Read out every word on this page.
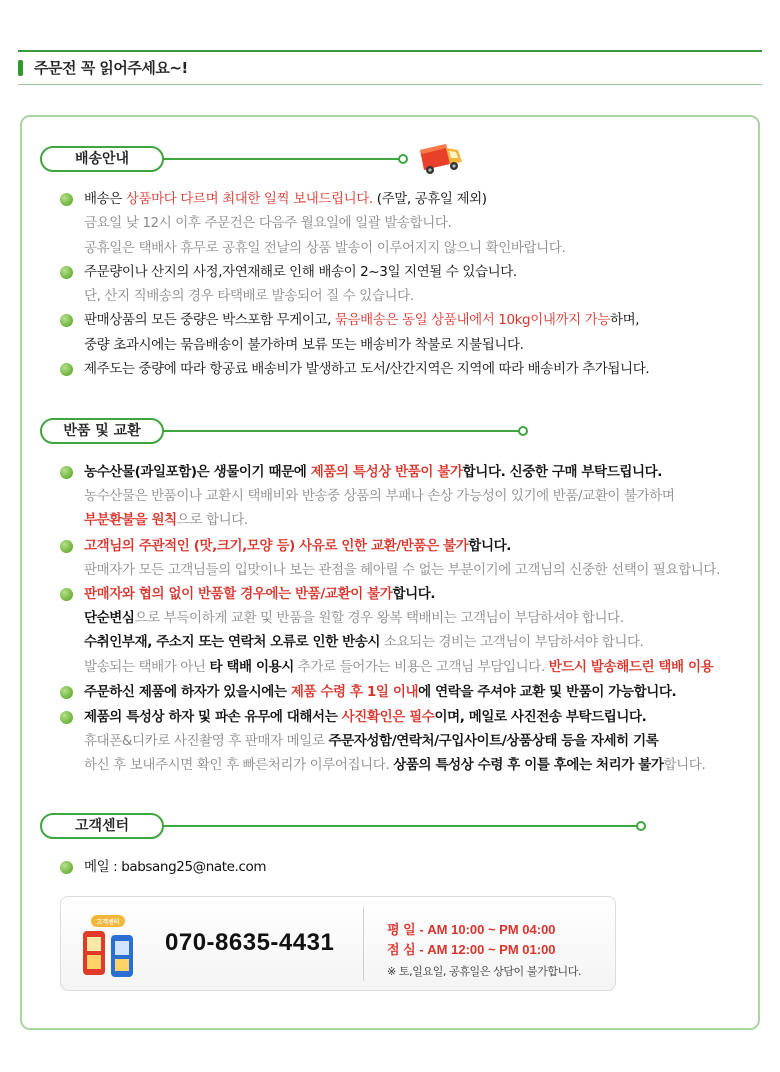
주문전 꼭 읽어주세요~!
배송안내
배송은 상품마다 다르며 최대한 일찍 보내드립니다. (주말, 공휴일 제외)
금요일 낮 12시 이후 주문건은 다음주 월요일에 일괄 발송합니다.
공휴일은 택배사 휴무로 공휴일 전날의 상품 발송이 이루어지지 않으니 확인바랍니다.
주문량이나 산지의 사정,자연재해로 인해 배송이 2~3일 지연될 수 있습니다.
단, 산지 직배송의 경우 타택배로 발송되어 질 수 있습니다.
판매상품의 모든 중량은 박스포함 무게이고, 묶음배송은 동일 상품내에서 10kg이내까지 가능하며,
중량 초과시에는 묶음배송이 불가하며 보류 또는 배송비가 착불로 지불됩니다.
제주도는 중량에 따라 항공료 배송비가 발생하고 도서/산간지역은 지역에 따라 배송비가 추가됩니다.
반품 및 교환
농수산물(과일포함)은 생물이기 때문에 제품의 특성상 반품이 불가합니다. 신중한 구매 부탁드립니다.
농수산물은 반품이나 교환시 택배비와 반송중 상품의 부패나 손상 가능성이 있기에 반품/교환이 불가하며
부분환불을 원칙으로 합니다.
고객님의 주관적인 (맛,크기,모양 등) 사유로 인한 교환/반품은 불가합니다.
판매자가 모든 고객님들의 입맛이나 보는 관점을 헤아릴 수 없는 부분이기에 고객님의 신중한 선택이 필요합니다.
판매자와 협의 없이 반품할 경우에는 반품/교환이 불가합니다.
단순변심으로 부득이하게 교환 및 반품을 원할 경우 왕복 택배비는 고객님이 부담하셔야 합니다.
수취인부재, 주소지 또는 연락처 오류로 인한 반송시 소요되는 경비는 고객님이 부담하셔야 합니다.
발송되는 택배가 아닌 타 택배 이용시 추가로 들어가는 비용은 고객님 부담입니다. 반드시 발송해드린 택배 이용
주문하신 제품에 하자가 있을시에는 제품 수령 후 1일 이내에 연락을 주셔야 교환 및 반품이 가능합니다.
제품의 특성상 하자 및 파손 유무에 대해서는 사진확인은 필수이며, 메일로 사진전송 부탁드립니다.
휴대폰&디카로 사진촬영 후 판매자 메일로 주문자성함/연락처/구입사이트/상품상태 등을 자세히 기록
하신 후 보내주시면 확인 후 빠른처리가 이루어집니다. 상품의 특성상 수령 후 이틀 후에는 처리가 불가합니다.
고객센터
메일 : babsang25@nate.com
고객센터
070-8635-4431	평 일 - AM 10:00 ~ PM 04:00
점 심 - AM 12:00 ~ PM 01:00
※ 토,일요일, 공휴일은 상담이 불가합니다.
